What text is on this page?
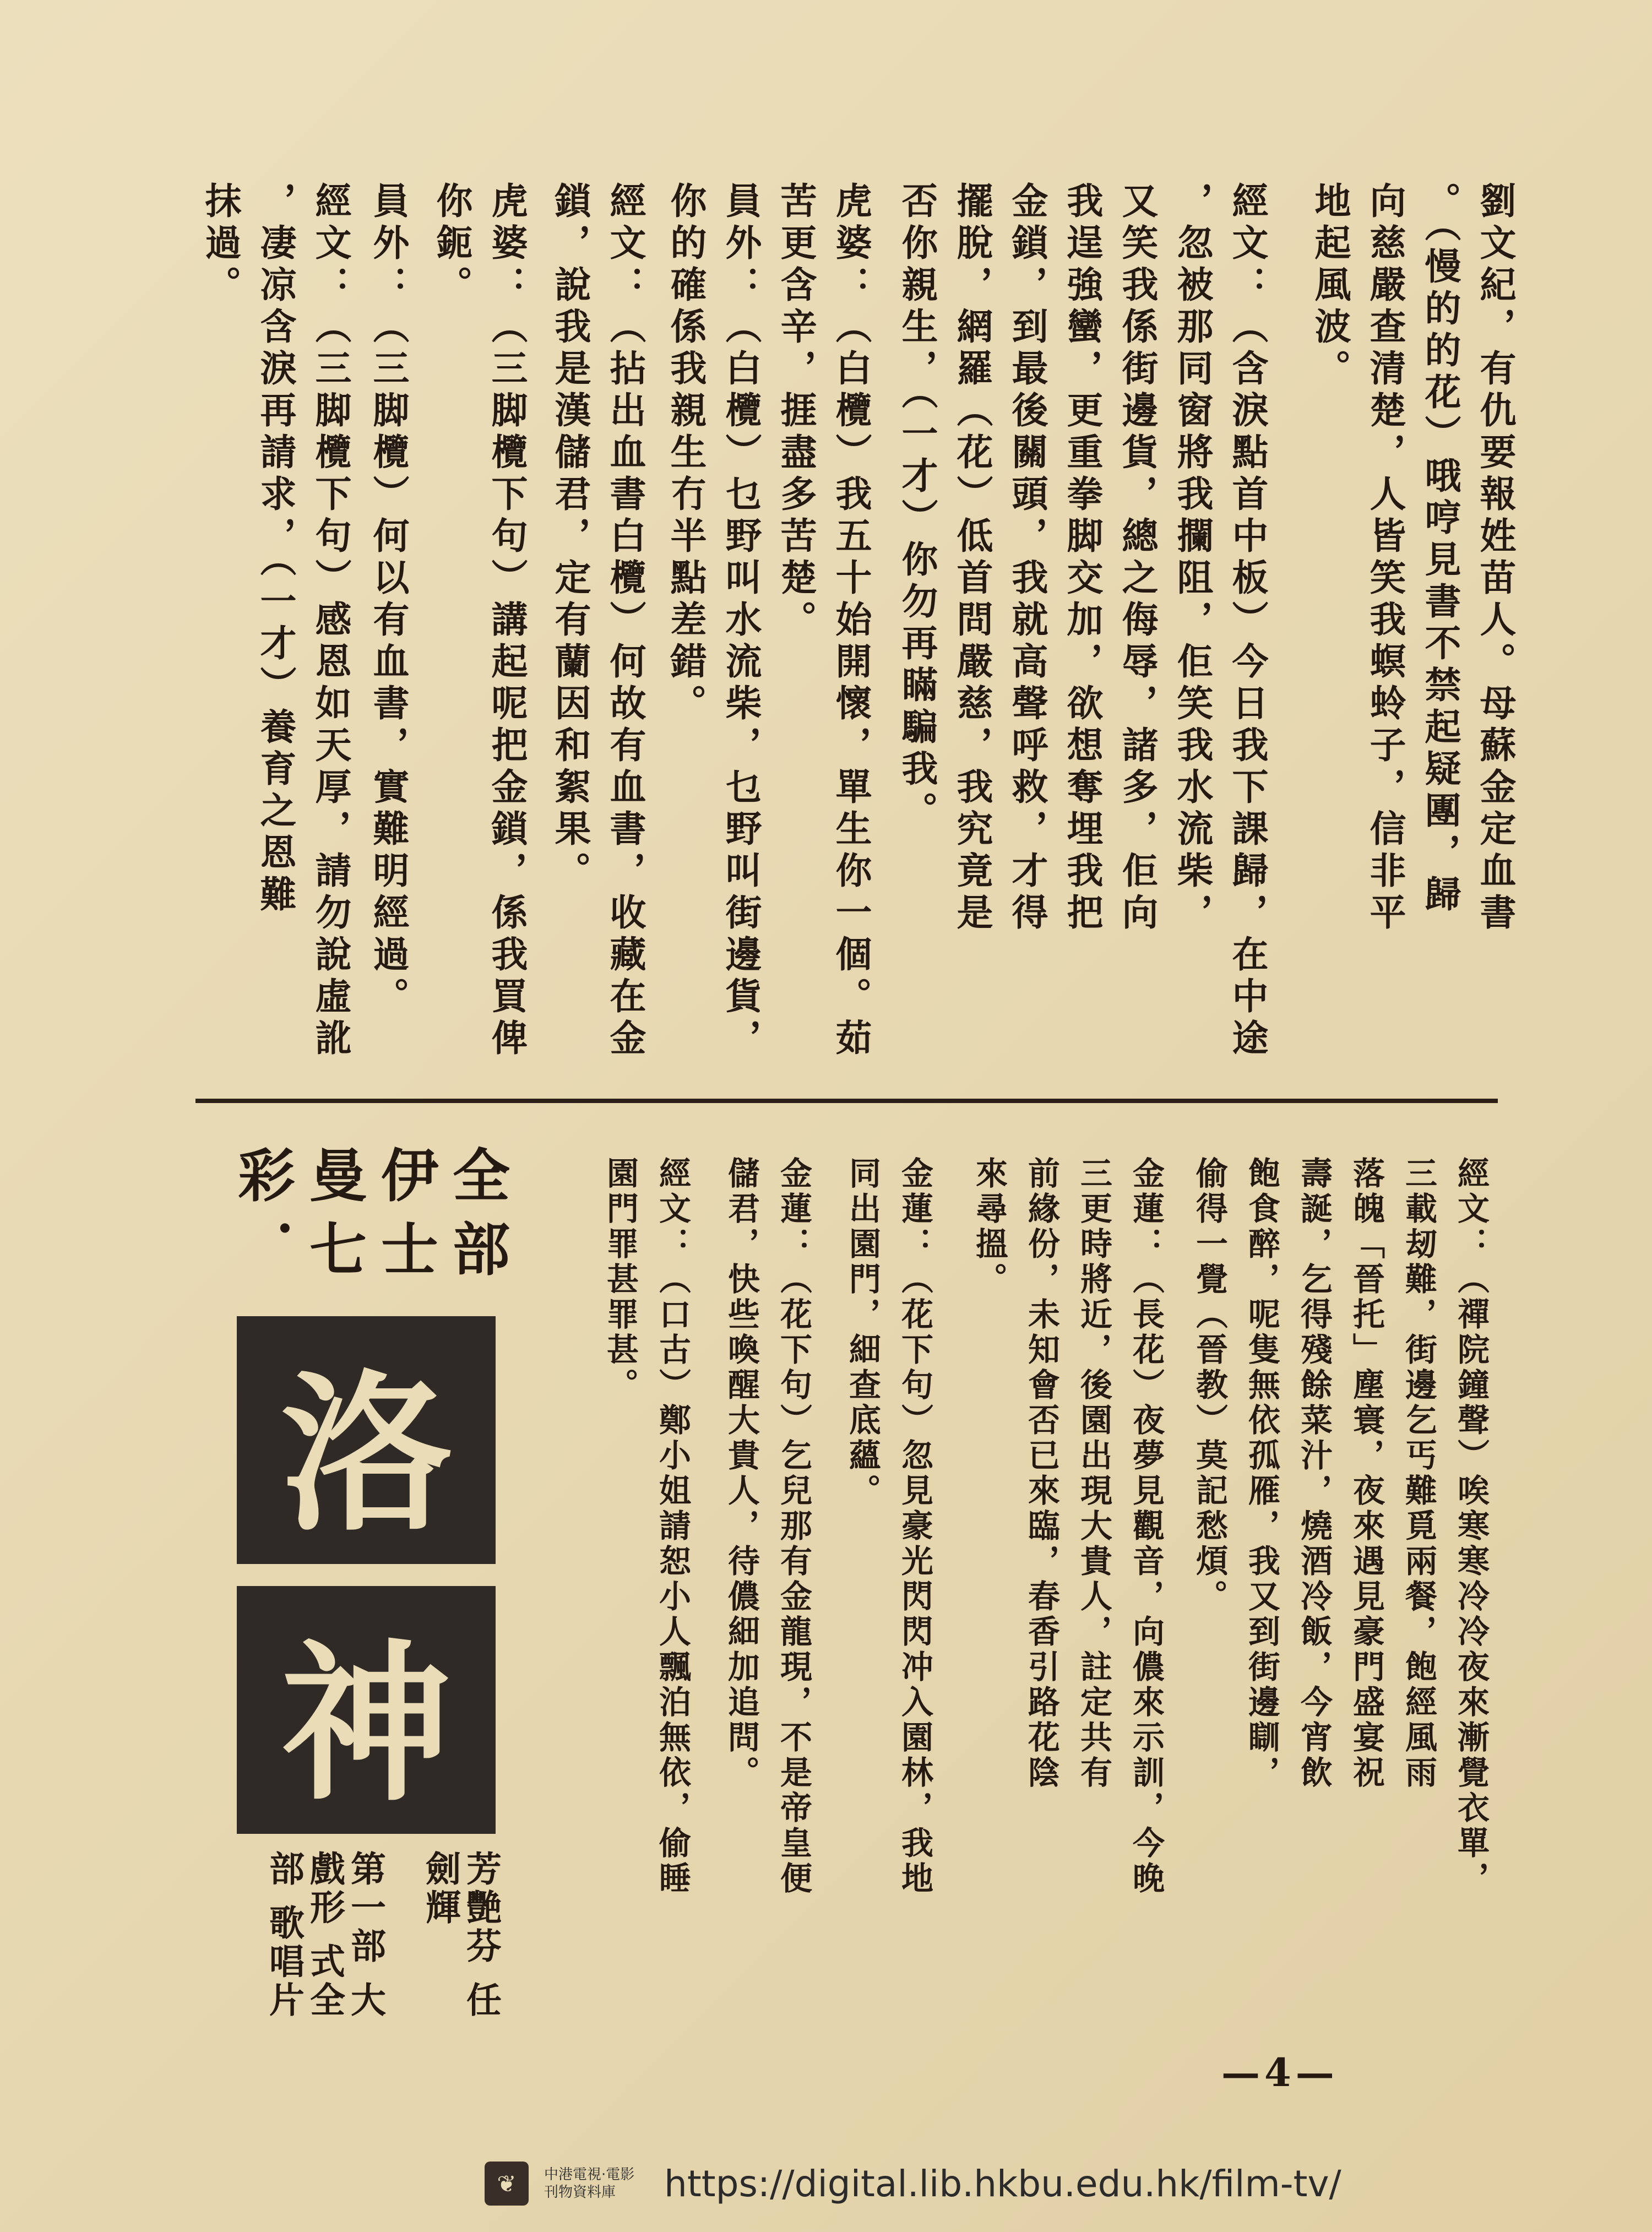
劉文紀，有仇要報姓苗人。母蘇金定血書
。（慢的的花）哦哼見書不禁起疑團，歸
向慈嚴查清楚，人皆笑我螟蛉子，信非平
地起風波。
經文：（含淚點首中板）今日我下課歸，在中途
，忽被那同窗將我攔阻，佢笑我水流柴，
又笑我係街邊貨，總之侮辱，諸多，佢向
我逞強蠻，更重拳脚交加，欲想奪埋我把
金鎖，到最後關頭，我就高聲呼救，才得
擺脫，網羅（花）低首問嚴慈，我究竟是
否你親生，（一才）你勿再瞞騙我。
虎婆：（白欖）我五十始開懷，單生你一個。茹
苦更含辛，捱盡多苦楚。
員外：（白欖）乜野叫水流柴，乜野叫街邊貨，
你的確係我親生冇半點差錯。
經文：（拈出血書白欖）何故有血書，收藏在金
鎖，說我是漢儲君，定有蘭因和絮果。
虎婆：（三脚欖下句）講起呢把金鎖，係我買俾
你鈪。
員外：（三脚欖）何以有血書，實難明經過。
經文：（三脚欖下句）感恩如天厚，請勿說虛訛
，凄凉含淚再請求，（一才）養育之恩難
抹過。
經文：（禪院鐘聲）唉寒寒冷冷夜來漸覺衣單，
三載刼難，街邊乞丐難覓兩餐，飽經風雨
落魄「晉托」塵寰，夜來遇見豪門盛宴祝
壽誕，乞得殘餘菜汁，燒酒冷飯，今宵飲
飽食醉，呢隻無依孤雁，我又到街邊瞓，
偷得一覺（晉教）莫記愁煩。
金蓮：（長花）夜夢見觀音，向儂來示訓，今晚
三更時將近，後園出現大貴人，註定共有
前緣份，未知會否已來臨，春香引路花陰
來尋搵。
金蓮：（花下句）忽見豪光閃閃冲入園林，我地
同出園門，細查底蘊。
金蓮：（花下句）乞兒那有金龍現，不是帝皇便
儲君，快些喚醒大貴人，待儂細加追問。
經文：（口古）鄭小姐請恕小人飄泊無依，偷睡
園門罪甚罪甚。
全部
伊士
曼七
彩．
洛
神
芳艷芬 任劍輝
第一部 大戲形 式全部 歌唱片
—4—
❦	中港電視·電影 刊物資料庫	https://digital.lib.hkbu.edu.hk/film-tv/
